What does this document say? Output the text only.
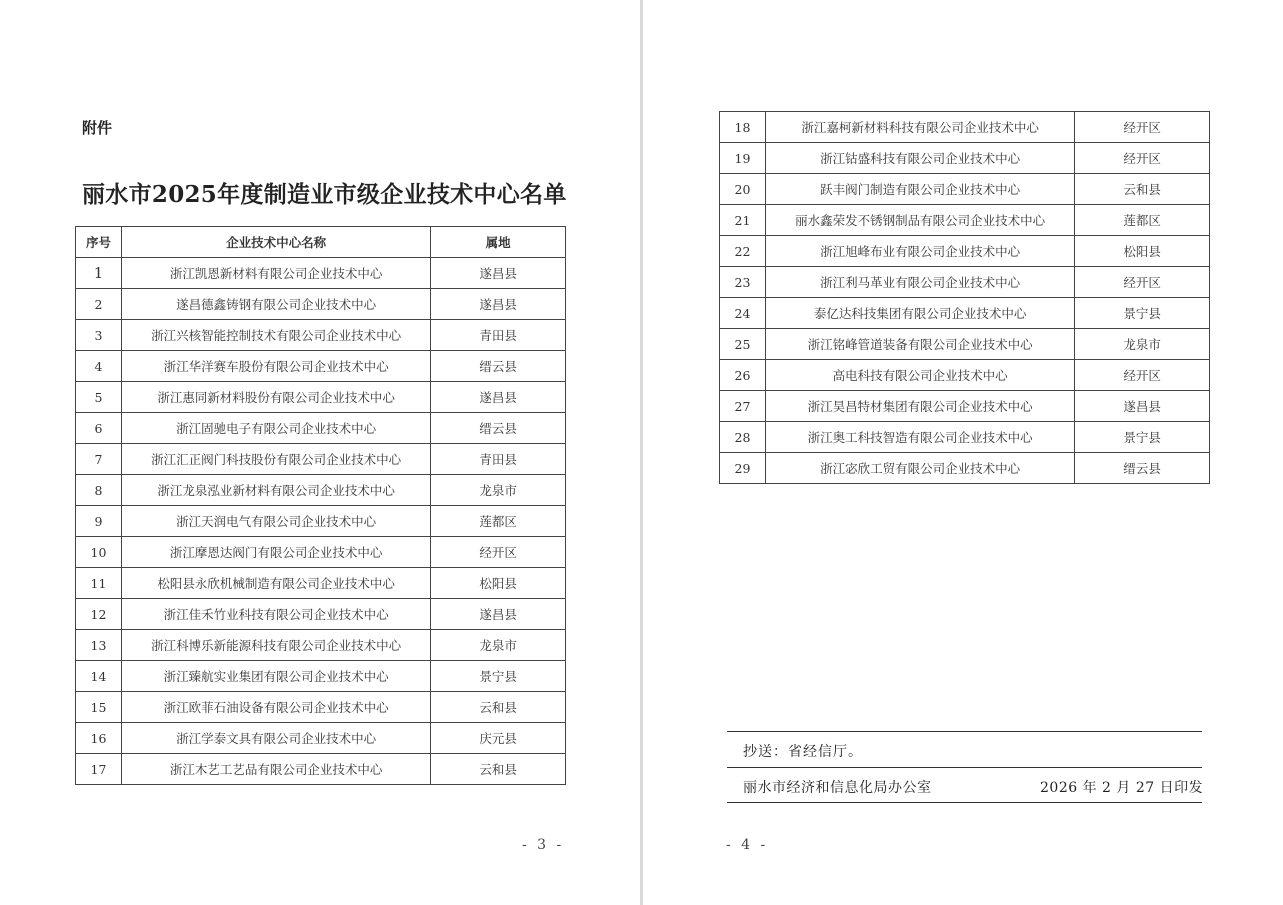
附件
丽水市2025年度制造业市级企业技术中心名单
序号	企业技术中心名称	属地
1	浙江凯恩新材料有限公司企业技术中心	遂昌县
2	遂昌德鑫铸钢有限公司企业技术中心	遂昌县
3	浙江兴核智能控制技术有限公司企业技术中心	青田县
4	浙江华洋赛车股份有限公司企业技术中心	缙云县
5	浙江惠同新材料股份有限公司企业技术中心	遂昌县
6	浙江固驰电子有限公司企业技术中心	缙云县
7	浙江汇正阀门科技股份有限公司企业技术中心	青田县
8	浙江龙泉泓业新材料有限公司企业技术中心	龙泉市
9	浙江天润电气有限公司企业技术中心	莲都区
10	浙江摩恩达阀门有限公司企业技术中心	经开区
11	松阳县永欣机械制造有限公司企业技术中心	松阳县
12	浙江佳禾竹业科技有限公司企业技术中心	遂昌县
13	浙江科博乐新能源科技有限公司企业技术中心	龙泉市
14	浙江臻航实业集团有限公司企业技术中心	景宁县
15	浙江欧菲石油设备有限公司企业技术中心	云和县
16	浙江学泰文具有限公司企业技术中心	庆元县
17	浙江木艺工艺品有限公司企业技术中心	云和县
- 3 -
18	浙江嘉柯新材料科技有限公司企业技术中心	经开区
19	浙江钴盛科技有限公司企业技术中心	经开区
20	跃丰阀门制造有限公司企业技术中心	云和县
21	丽水鑫荣发不锈钢制品有限公司企业技术中心	莲都区
22	浙江旭峰布业有限公司企业技术中心	松阳县
23	浙江利马革业有限公司企业技术中心	经开区
24	泰亿达科技集团有限公司企业技术中心	景宁县
25	浙江铭峰管道装备有限公司企业技术中心	龙泉市
26	高电科技有限公司企业技术中心	经开区
27	浙江昊昌特材集团有限公司企业技术中心	遂昌县
28	浙江奥工科技智造有限公司企业技术中心	景宁县
29	浙江宓欣工贸有限公司企业技术中心	缙云县
抄送：省经信厅。
丽水市经济和信息化局办公室	2026 年 2 月 27 日印发
- 4 -
